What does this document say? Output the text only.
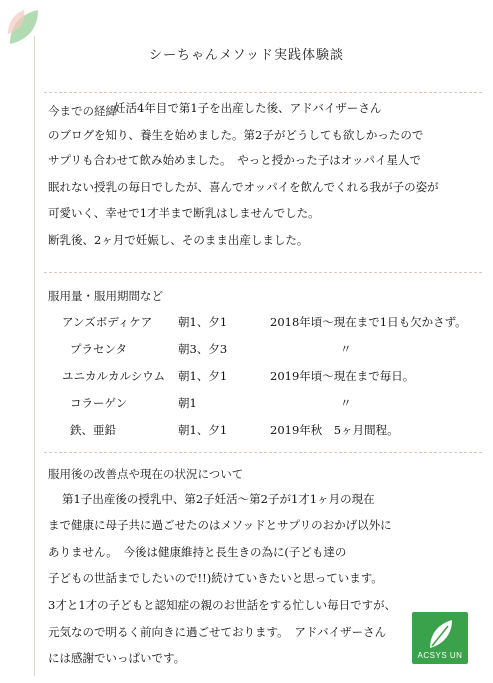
シーちゃんメソッド実践体験談
今までの経緯
妊活4年目で第1子を出産した後、アドバイザーさん
のブログを知り、養生を始めました。第2子がどうしても欲しかったので
サプリも合わせて飲み始めました。　やっと授かった子はオッパイ星人で
眠れない授乳の毎日でしたが、喜んでオッパイを飲んでくれる我が子の姿が
可愛いく、幸せで1才半まで断乳はしませんでした。
断乳後、2ヶ月で妊娠し、そのまま出産しました。
服用量・服用期間など
アンズボディケア 朝1、夕1	2018年頃～現在まで1日も欠かさず。
プラセンタ	朝3、夕3	〃
ユニカルカルシウム 朝1、夕1	2019年頃～現在まで毎日。
コラーゲン	朝1	〃
鉄、亜鉛	朝1、夕1	2019年秋　5ヶ月間程。
服用後の改善点や現在の状況について
第1子出産後の授乳中、第2子妊活～第2子が1才1ヶ月の現在
まで健康に母子共に過ごせたのはメソッドとサプリのおかげ以外に
ありません。　今後は健康維持と長生きの為に(子ども達の
子どもの世話までしたいので!!)続けていきたいと思っています。
3才と1才の子どもと認知症の親のお世話をする忙しい毎日ですが、
元気なので明るく前向きに過ごせております。　アドバイザーさん
には感謝でいっぱいです。	ACSYS UN
